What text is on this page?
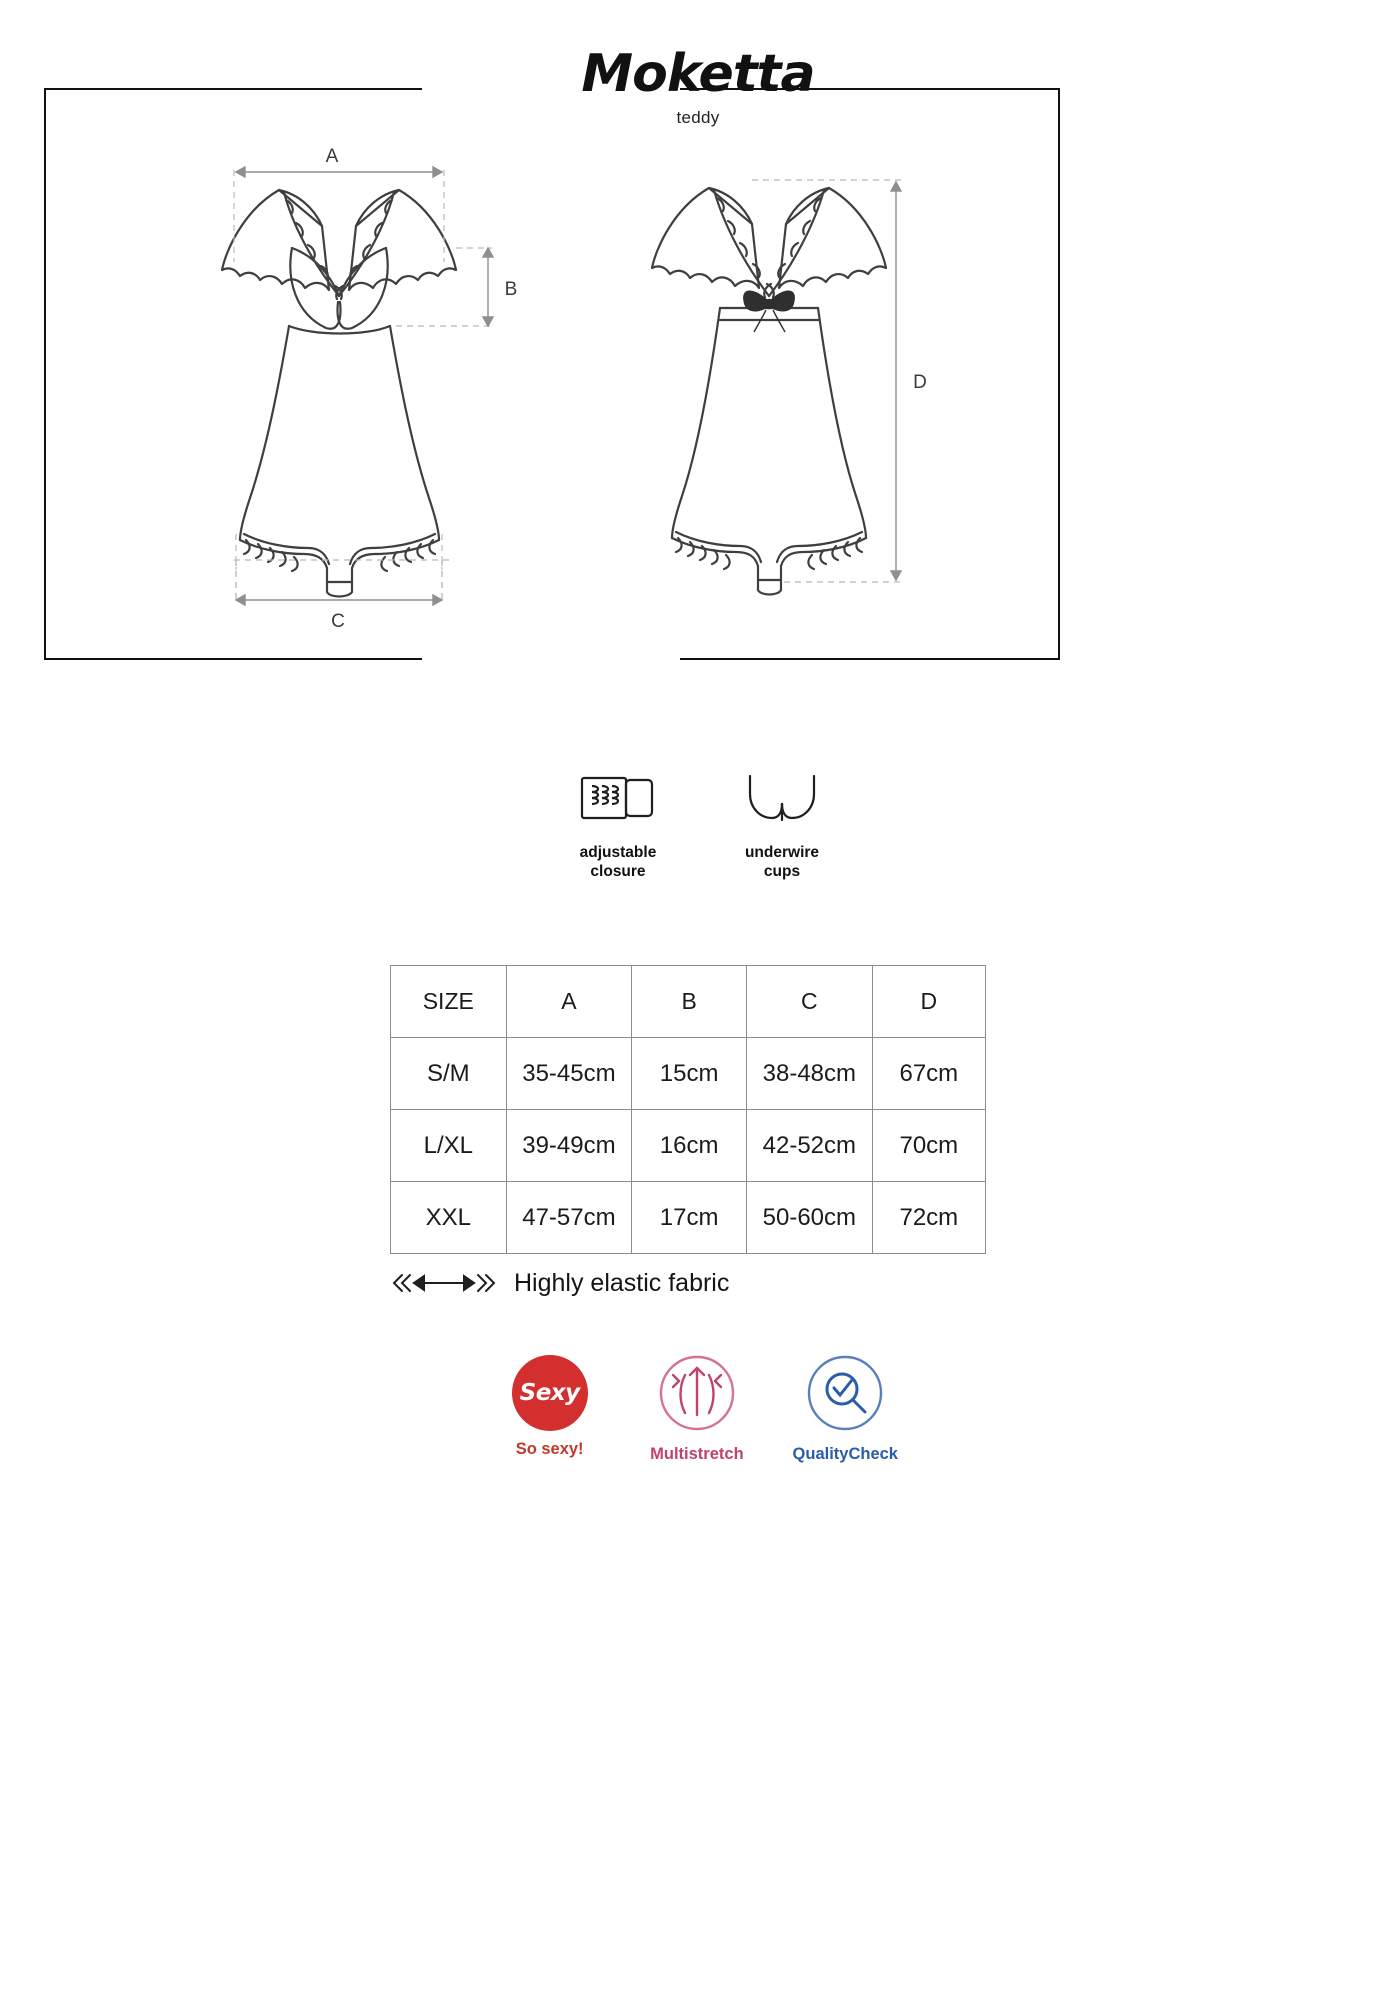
Moketta
teddy
A
B
C
D
adjustable
closure
underwire
cups
SIZE	A	B	C	D
S/M	35-45cm	15cm	38-48cm	67cm
L/XL	39-49cm	16cm	42-52cm	70cm
XXL	47-57cm	17cm	50-60cm	72cm
Highly elastic fabric
Sexy
So sexy!	Multistretch	QualityCheck
